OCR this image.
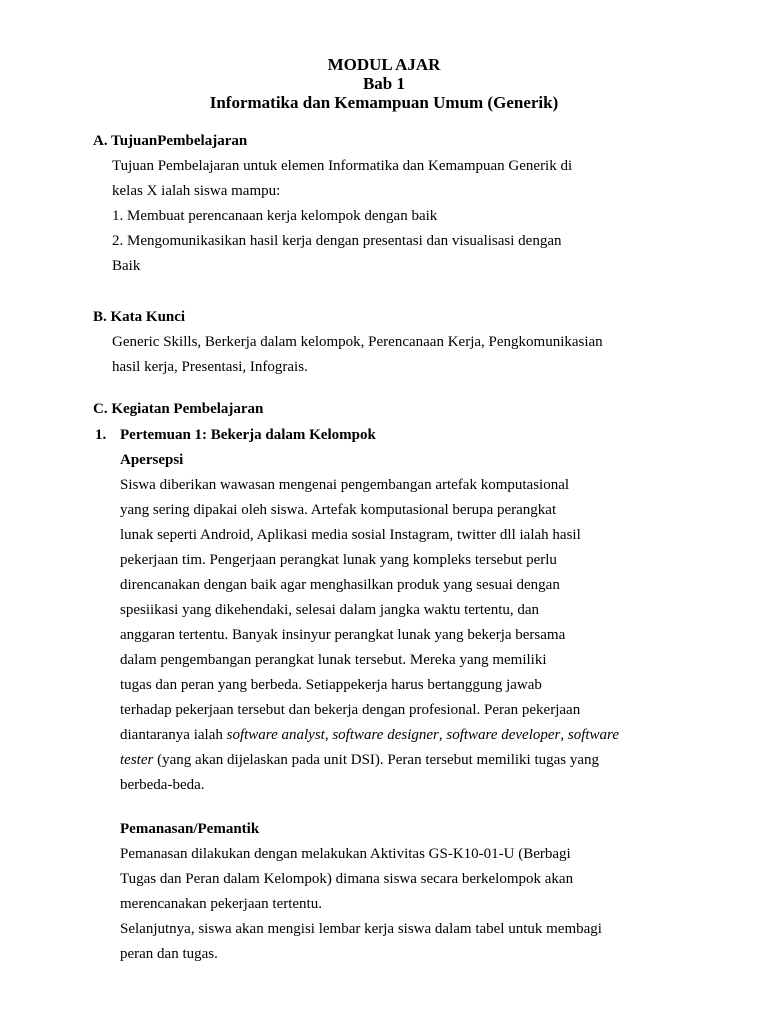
MODUL AJAR
Bab 1
Informatika dan Kemampuan Umum (Generik)
A. TujuanPembelajaran
Tujuan Pembelajaran untuk elemen Informatika dan Kemampuan Generik di
kelas X ialah siswa mampu:
1. Membuat perencanaan kerja kelompok dengan baik
2. Mengomunikasikan hasil kerja dengan presentasi dan visualisasi dengan
Baik
B. Kata Kunci
Generic Skills, Berkerja dalam kelompok, Perencanaan Kerja, Pengkomunikasian
hasil kerja, Presentasi, Infograis.
C. Kegiatan Pembelajaran
1. Pertemuan 1: Bekerja dalam Kelompok
Apersepsi
Siswa diberikan wawasan mengenai pengembangan artefak komputasional
yang sering dipakai oleh siswa. Artefak komputasional berupa perangkat
lunak seperti Android, Aplikasi media sosial Instagram, twitter dll ialah hasil
pekerjaan tim. Pengerjaan perangkat lunak yang kompleks tersebut perlu
direncanakan dengan baik agar menghasilkan produk yang sesuai dengan
spesiikasi yang dikehendaki, selesai dalam jangka waktu tertentu, dan
anggaran tertentu. Banyak insinyur perangkat lunak yang bekerja bersama
dalam pengembangan perangkat lunak tersebut. Mereka yang memiliki
tugas dan peran yang berbeda. Setiappekerja harus bertanggung jawab
terhadap pekerjaan tersebut dan bekerja dengan profesional. Peran pekerjaan
diantaranya ialah software analyst, software designer, software developer, software
tester (yang akan dijelaskan pada unit DSI). Peran tersebut memiliki tugas yang
berbeda-beda.
Pemanasan/Pemantik
Pemanasan dilakukan dengan melakukan Aktivitas GS-K10-01-U (Berbagi
Tugas dan Peran dalam Kelompok) dimana siswa secara berkelompok akan
merencanakan pekerjaan tertentu.
Selanjutnya, siswa akan mengisi lembar kerja siswa dalam tabel untuk membagi
peran dan tugas.
